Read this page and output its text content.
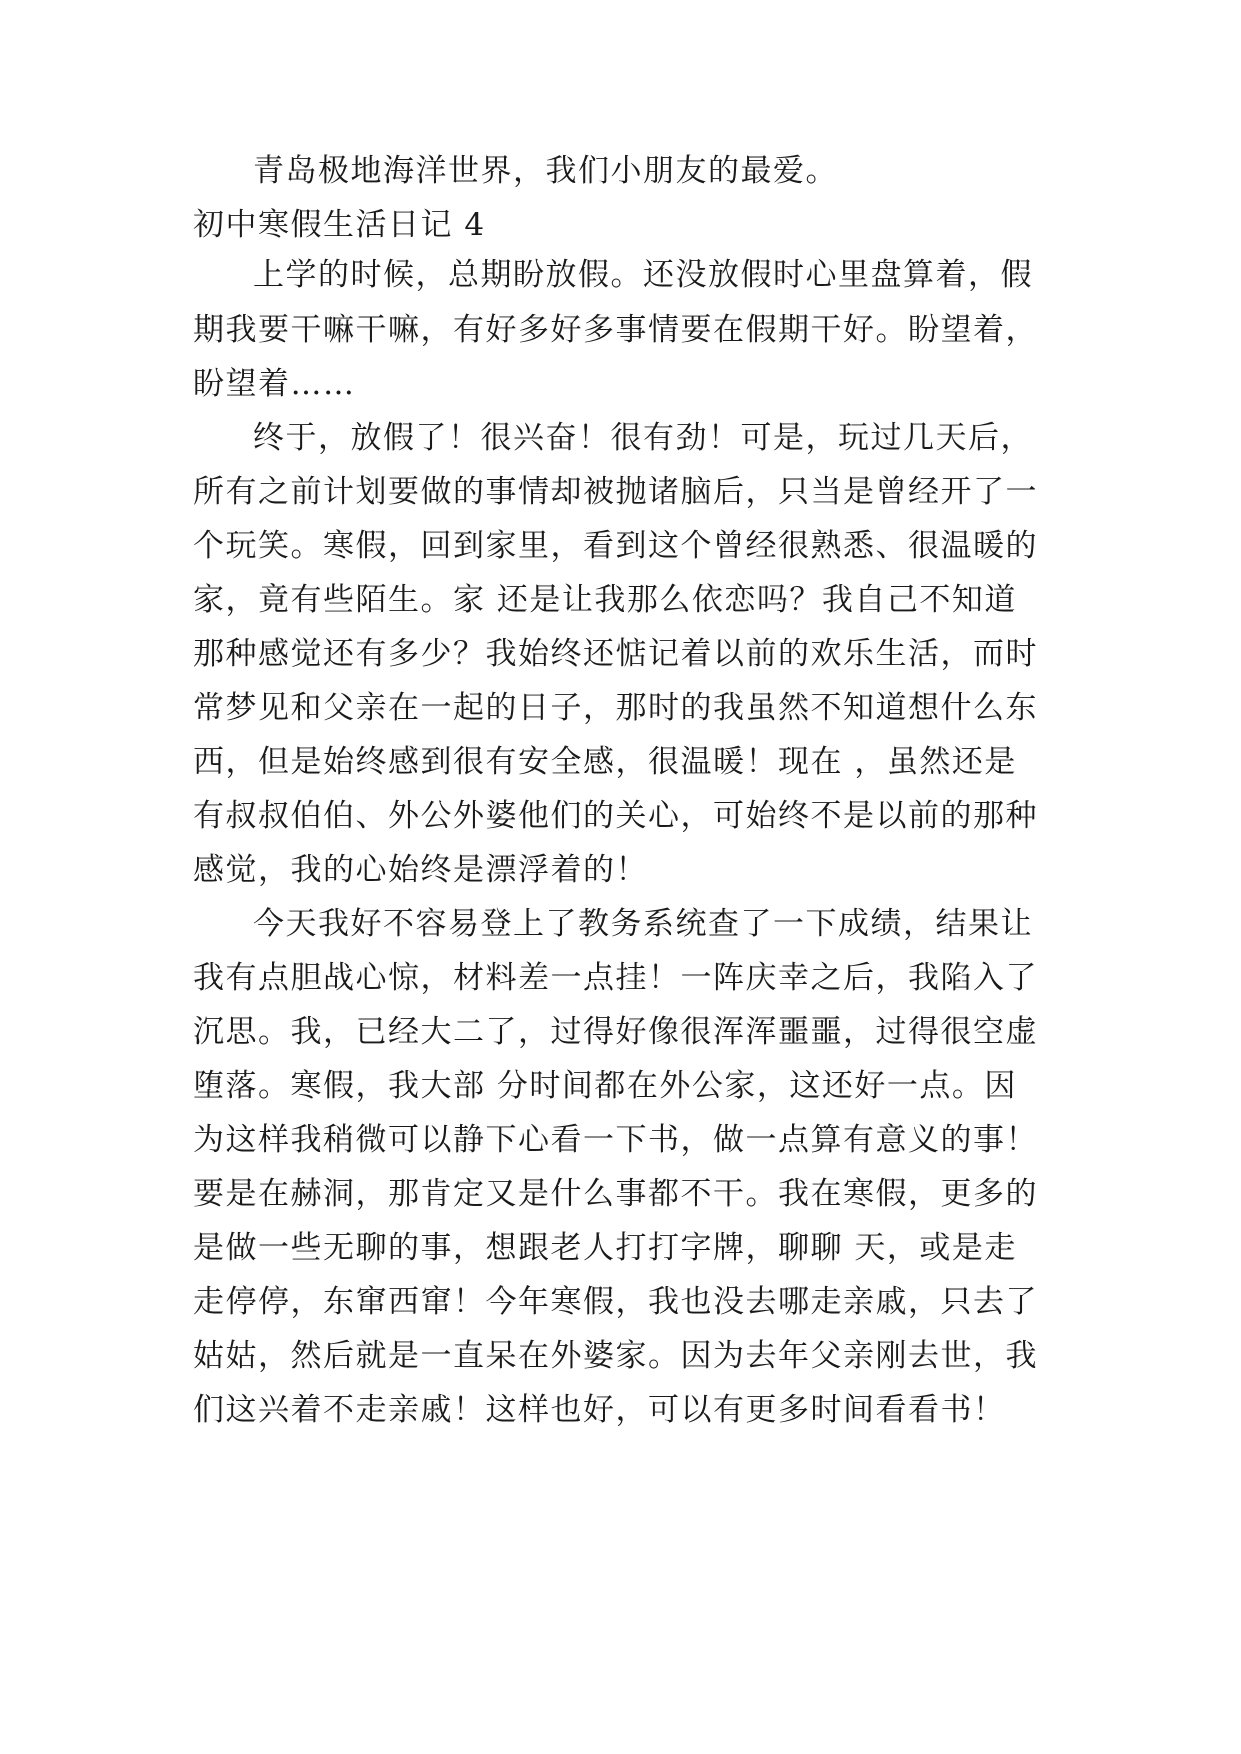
青岛极地海洋世界，我们小朋友的最爱。

初中寒假生活日记 4

上学的时候，总期盼放假。还没放假时心里盘算着，假

期我要干嘛干嘛，有好多好多事情要在假期干好。盼望着，

盼望着……

终于，放假了！很兴奋！很有劲！可是，玩过几天后，

所有之前计划要做的事情却被抛诸脑后，只当是曾经开了一

个玩笑。寒假，回到家里，看到这个曾经很熟悉、很温暖的

家，竟有些陌生。家 还是让我那么依恋吗？我自己不知道

那种感觉还有多少？我始终还惦记着以前的欢乐生活，而时

常梦见和父亲在一起的日子，那时的我虽然不知道想什么东

西，但是始终感到很有安全感，很温暖！现在 ，虽然还是

有叔叔伯伯、外公外婆他们的关心，可始终不是以前的那种

感觉，我的心始终是漂浮着的！

今天我好不容易登上了教务系统查了一下成绩，结果让

我有点胆战心惊，材料差一点挂！一阵庆幸之后，我陷入了

沉思。我，已经大二了，过得好像很浑浑噩噩，过得很空虚

堕落。寒假，我大部 分时间都在外公家，这还好一点。因

为这样我稍微可以静下心看一下书，做一点算有意义的事！

要是在赫洞，那肯定又是什么事都不干。我在寒假，更多的

是做一些无聊的事，想跟老人打打字牌，聊聊 天，或是走

走停停，东窜西窜！今年寒假，我也没去哪走亲戚，只去了

姑姑，然后就是一直呆在外婆家。因为去年父亲刚去世，我

们这兴着不走亲戚！这样也好，可以有更多时间看看书！
